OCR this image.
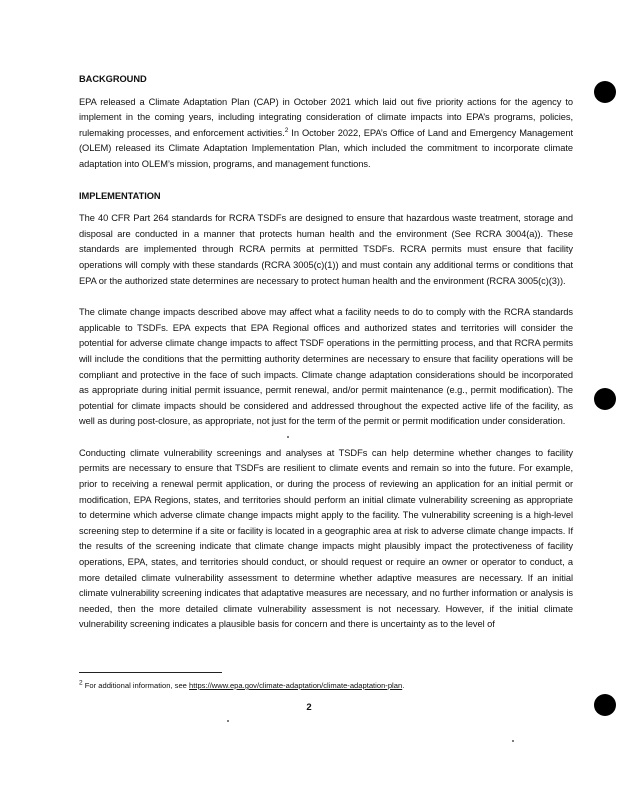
BACKGROUND

EPA released a Climate Adaptation Plan (CAP) in October 2021 which laid out five priority actions for the agency to implement in the coming years, including integrating consideration of climate impacts into EPA’s programs, policies, rulemaking processes, and enforcement activities.$^2$ In October 2022, EPA’s Office of Land and Emergency Management (OLEM) released its Climate Adaptation Implementation Plan, which included the commitment to incorporate climate adaptation into OLEM’s mission, programs, and management functions.

IMPLEMENTATION

The 40 CFR Part 264 standards for RCRA TSDFs are designed to ensure that hazardous waste treatment, storage and disposal are conducted in a manner that protects human health and the environment (See RCRA 3004(a)). These standards are implemented through RCRA permits at permitted TSDFs. RCRA permits must ensure that facility operations will comply with these standards (RCRA 3005(c)(1)) and must contain any additional terms or conditions that EPA or the authorized state determines are necessary to protect human health and the environment (RCRA 3005(c)(3)).

The climate change impacts described above may affect what a facility needs to do to comply with the RCRA standards applicable to TSDFs. EPA expects that EPA Regional offices and authorized states and territories will consider the potential for adverse climate change impacts to affect TSDF operations in the permitting process, and that RCRA permits will include the conditions that the permitting authority determines are necessary to ensure that facility operations will be compliant and protective in the face of such impacts. Climate change adaptation considerations should be incorporated as appropriate during initial permit issuance, permit renewal, and/or permit maintenance (e.g., permit modification). The potential for climate impacts should be considered and addressed throughout the expected active life of the facility, as well as during post-closure, as appropriate, not just for the term of the permit or permit modification under consideration.

Conducting climate vulnerability screenings and analyses at TSDFs can help determine whether changes to facility permits are necessary to ensure that TSDFs are resilient to climate events and remain so into the future. For example, prior to receiving a renewal permit application, or during the process of reviewing an application for an initial permit or modification, EPA Regions, states, and territories should perform an initial climate vulnerability screening as appropriate to determine which adverse climate change impacts might apply to the facility. The vulnerability screening is a high-level screening step to determine if a site or facility is located in a geographic area at risk to adverse climate change impacts. If the results of the screening indicate that climate change impacts might plausibly impact the protectiveness of facility operations, EPA, states, and territories should conduct, or should request or require an owner or operator to conduct, a more detailed climate vulnerability assessment to determine whether adaptive measures are necessary. If an initial climate vulnerability screening indicates that adaptative measures are necessary, and no further information or analysis is needed, then the more detailed climate vulnerability assessment is not necessary. However, if the initial climate vulnerability screening indicates a plausible basis for concern and there is uncertainty as to the level of

$^2$ For additional information, see https://www.epa.gov/climate-adaptation/climate-adaptation-plan.
2
